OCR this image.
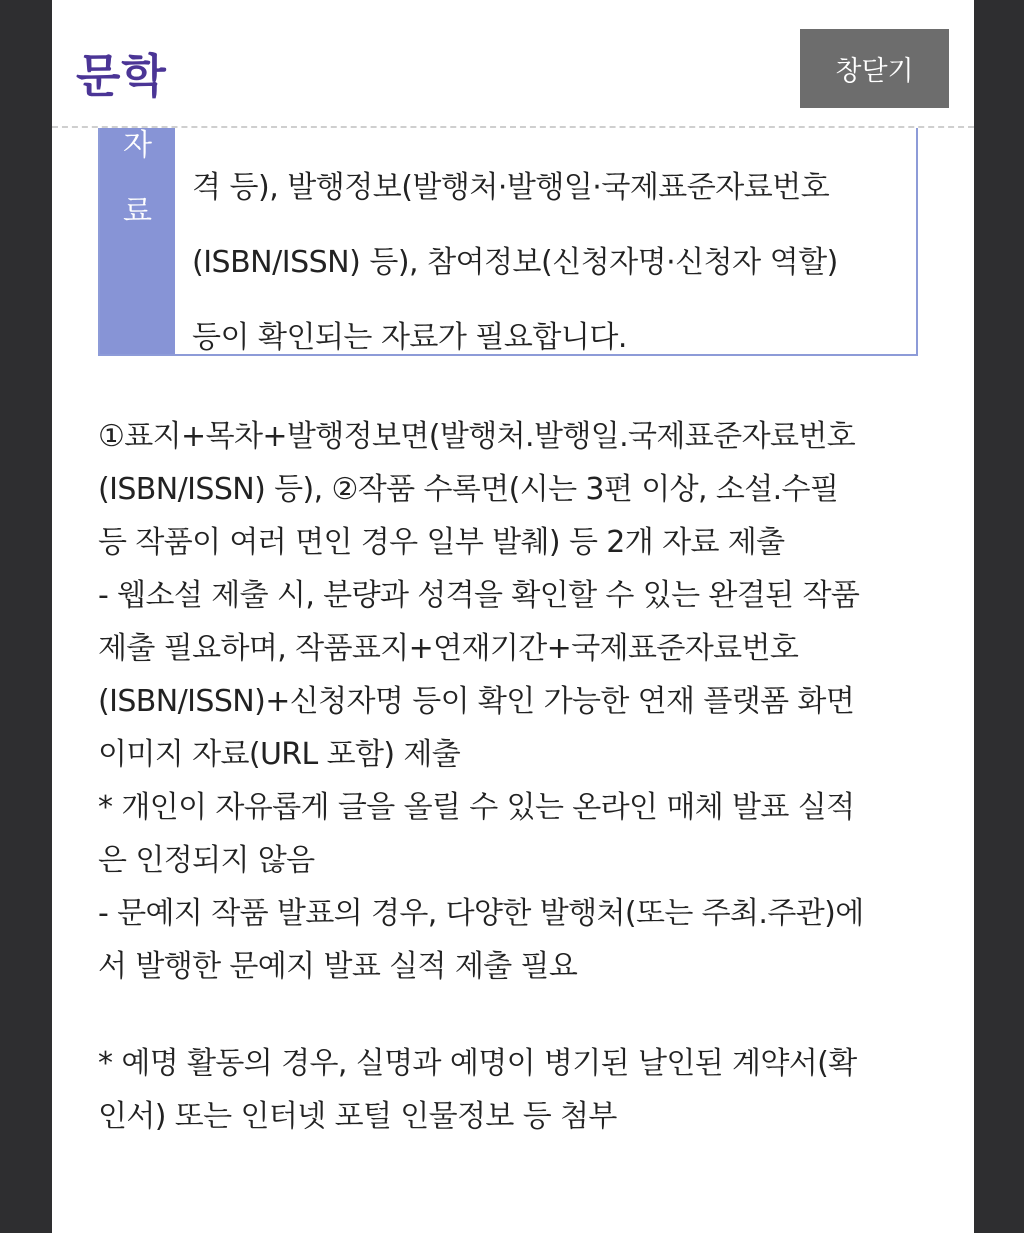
문학	창닫기
자
료
격 등), 발행정보(발행처·발행일·국제표준자료번호
(ISBN/ISSN) 등), 참여정보(신청자명·신청자 역할)
등이 확인되는 자료가 필요합니다.

①표지+목차+발행정보면(발행처.발행일.국제표준자료번호

(ISBN/ISSN) 등), ②작품 수록면(시는 3편 이상, 소설.수필

등 작품이 여러 면인 경우 일부 발췌) 등 2개 자료 제출

- 웹소설 제출 시, 분량과 성격을 확인할 수 있는 완결된 작품

제출 필요하며, 작품표지+연재기간+국제표준자료번호

(ISBN/ISSN)+신청자명 등이 확인 가능한 연재 플랫폼 화면

이미지 자료(URL 포함) 제출

* 개인이 자유롭게 글을 올릴 수 있는 온라인 매체 발표 실적

은 인정되지 않음

- 문예지 작품 발표의 경우, 다양한 발행처(또는 주최.주관)에

서 발행한 문예지 발표 실적 제출 필요

* 예명 활동의 경우, 실명과 예명이 병기된 날인된 계약서(확

인서) 또는 인터넷 포털 인물정보 등 첨부
